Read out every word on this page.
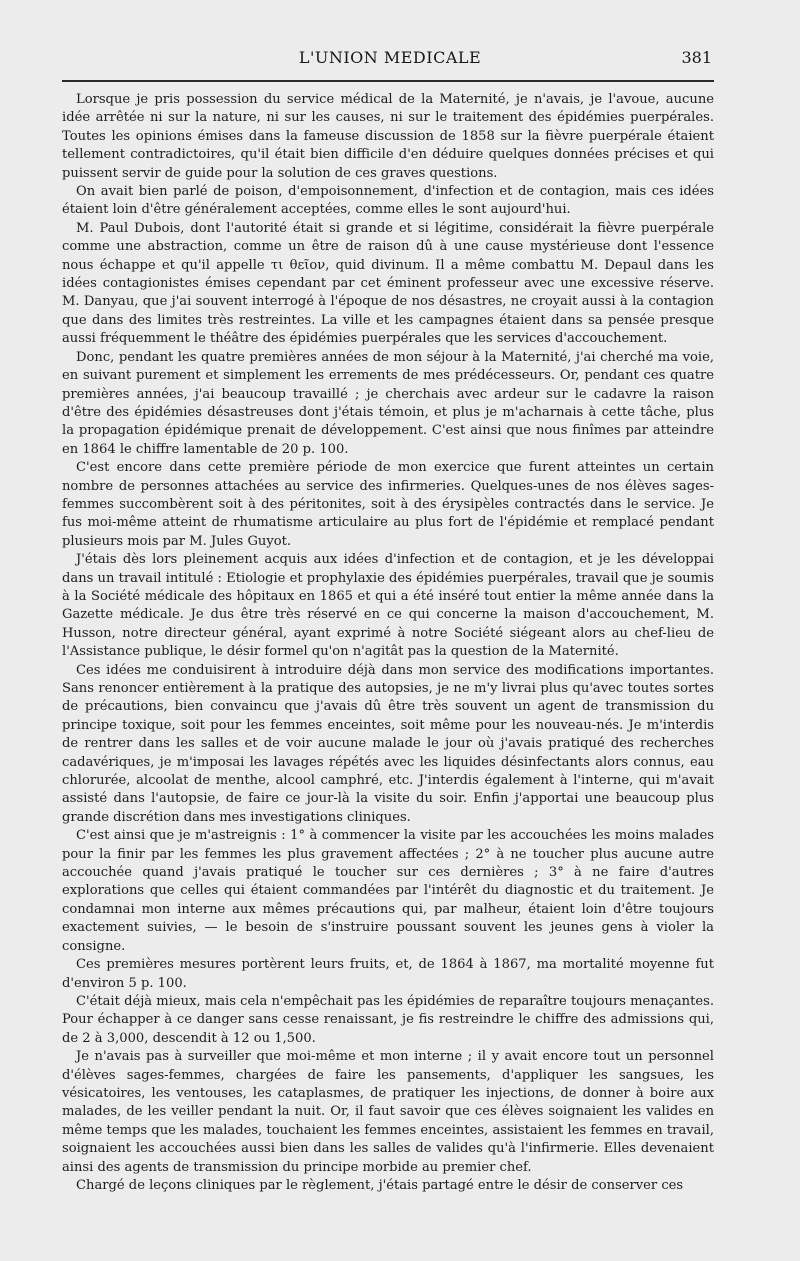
L'UNION MEDICALE	381

Lorsque je pris possession du service médical de la Maternité, je n'avais, je l'avoue, aucune idée arrêtée ni sur la nature, ni sur les causes, ni sur le traitement des épidémies puerpérales. Toutes les opinions émises dans la fameuse discussion de 1858 sur la fièvre puerpérale étaient tellement contradictoires, qu'il était bien difficile d'en déduire quelques données précises et qui puissent servir de guide pour la solution de ces graves questions.

On avait bien parlé de poison, d'empoisonnement, d'infection et de contagion, mais ces idées étaient loin d'être généralement acceptées, comme elles le sont aujourd'hui.

M. Paul Dubois, dont l'autorité était si grande et si légitime, considérait la fièvre puerpérale comme une abstraction, comme un être de raison dû à une cause mystérieuse dont l'essence nous échappe et qu'il appelle τι θεῖον, quid divinum. Il a même combattu M. Depaul dans les idées contagionistes émises cependant par cet éminent professeur avec une excessive réserve. M. Danyau, que j'ai souvent interrogé à l'époque de nos désastres, ne croyait aussi à la contagion que dans des limites très restreintes. La ville et les campagnes étaient dans sa pensée presque aussi fréquemment le théâtre des épidémies puerpérales que les services d'accouchement.

Donc, pendant les quatre premières années de mon séjour à la Maternité, j'ai cherché ma voie, en suivant purement et simplement les errements de mes prédécesseurs. Or, pendant ces quatre premières années, j'ai beaucoup travaillé ; je cherchais avec ardeur sur le cadavre la raison d'être des épidémies désastreuses dont j'étais témoin, et plus je m'acharnais à cette tâche, plus la propagation épidémique prenait de développement. C'est ainsi que nous finîmes par atteindre en 1864 le chiffre lamentable de 20 p. 100.

C'est encore dans cette première période de mon exercice que furent atteintes un certain nombre de personnes attachées au service des infirmeries. Quelques-unes de nos élèves sages-femmes succombèrent soit à des péritonites, soit à des érysipèles contractés dans le service. Je fus moi-même atteint de rhumatisme articulaire au plus fort de l'épidémie et remplacé pendant plusieurs mois par M. Jules Guyot.

J'étais dès lors pleinement acquis aux idées d'infection et de contagion, et je les développai dans un travail intitulé : Etiologie et prophylaxie des épidémies puerpérales, travail que je soumis à la Société médicale des hôpitaux en 1865 et qui a été inséré tout entier la même année dans la Gazette médicale. Je dus être très réservé en ce qui concerne la maison d'accouchement, M. Husson, notre directeur général, ayant exprimé à notre Société siégeant alors au chef-lieu de l'Assistance publique, le désir formel qu'on n'agitât pas la question de la Maternité.

Ces idées me conduisirent à introduire déjà dans mon service des modifications importantes. Sans renoncer entièrement à la pratique des autopsies, je ne m'y livrai plus qu'avec toutes sortes de précautions, bien convaincu que j'avais dû être très souvent un agent de transmission du principe toxique, soit pour les femmes enceintes, soit même pour les nouveau-nés. Je m'interdis de rentrer dans les salles et de voir aucune malade le jour où j'avais pratiqué des recherches cadavériques, je m'imposai les lavages répétés avec les liquides désinfectants alors connus, eau chlorurée, alcoolat de menthe, alcool camphré, etc. J'interdis également à l'interne, qui m'avait assisté dans l'autopsie, de faire ce jour-là la visite du soir. Enfin j'apportai une beaucoup plus grande discrétion dans mes investigations cliniques.

C'est ainsi que je m'astreignis : 1° à commencer la visite par les accouchées les moins malades pour la finir par les femmes les plus gravement affectées ; 2° à ne toucher plus aucune autre accouchée quand j'avais pratiqué le toucher sur ces dernières ; 3° à ne faire d'autres explorations que celles qui étaient commandées par l'intérêt du diagnostic et du traitement. Je condamnai mon interne aux mêmes précautions qui, par malheur, étaient loin d'être toujours exactement suivies, — le besoin de s'instruire poussant souvent les jeunes gens à violer la consigne.

Ces premières mesures portèrent leurs fruits, et, de 1864 à 1867, ma mortalité moyenne fut d'environ 5 p. 100.

C'était déjà mieux, mais cela n'empêchait pas les épidémies de reparaître toujours menaçantes. Pour échapper à ce danger sans cesse renaissant, je fis restreindre le chiffre des admissions qui, de 2 à 3,000, descendit à 12 ou 1,500.

Je n'avais pas à surveiller que moi-même et mon interne ; il y avait encore tout un personnel d'élèves sages-femmes, chargées de faire les pansements, d'appliquer les sangsues, les vésicatoires, les ventouses, les cataplasmes, de pratiquer les injections, de donner à boire aux malades, de les veiller pendant la nuit. Or, il faut savoir que ces élèves soignaient les valides en même temps que les malades, touchaient les femmes enceintes, assistaient les femmes en travail, soignaient les accouchées aussi bien dans les salles de valides qu'à l'infirmerie. Elles devenaient ainsi des agents de transmission du principe morbide au premier chef.

Chargé de leçons cliniques par le règlement, j'étais partagé entre le désir de conserver ces
